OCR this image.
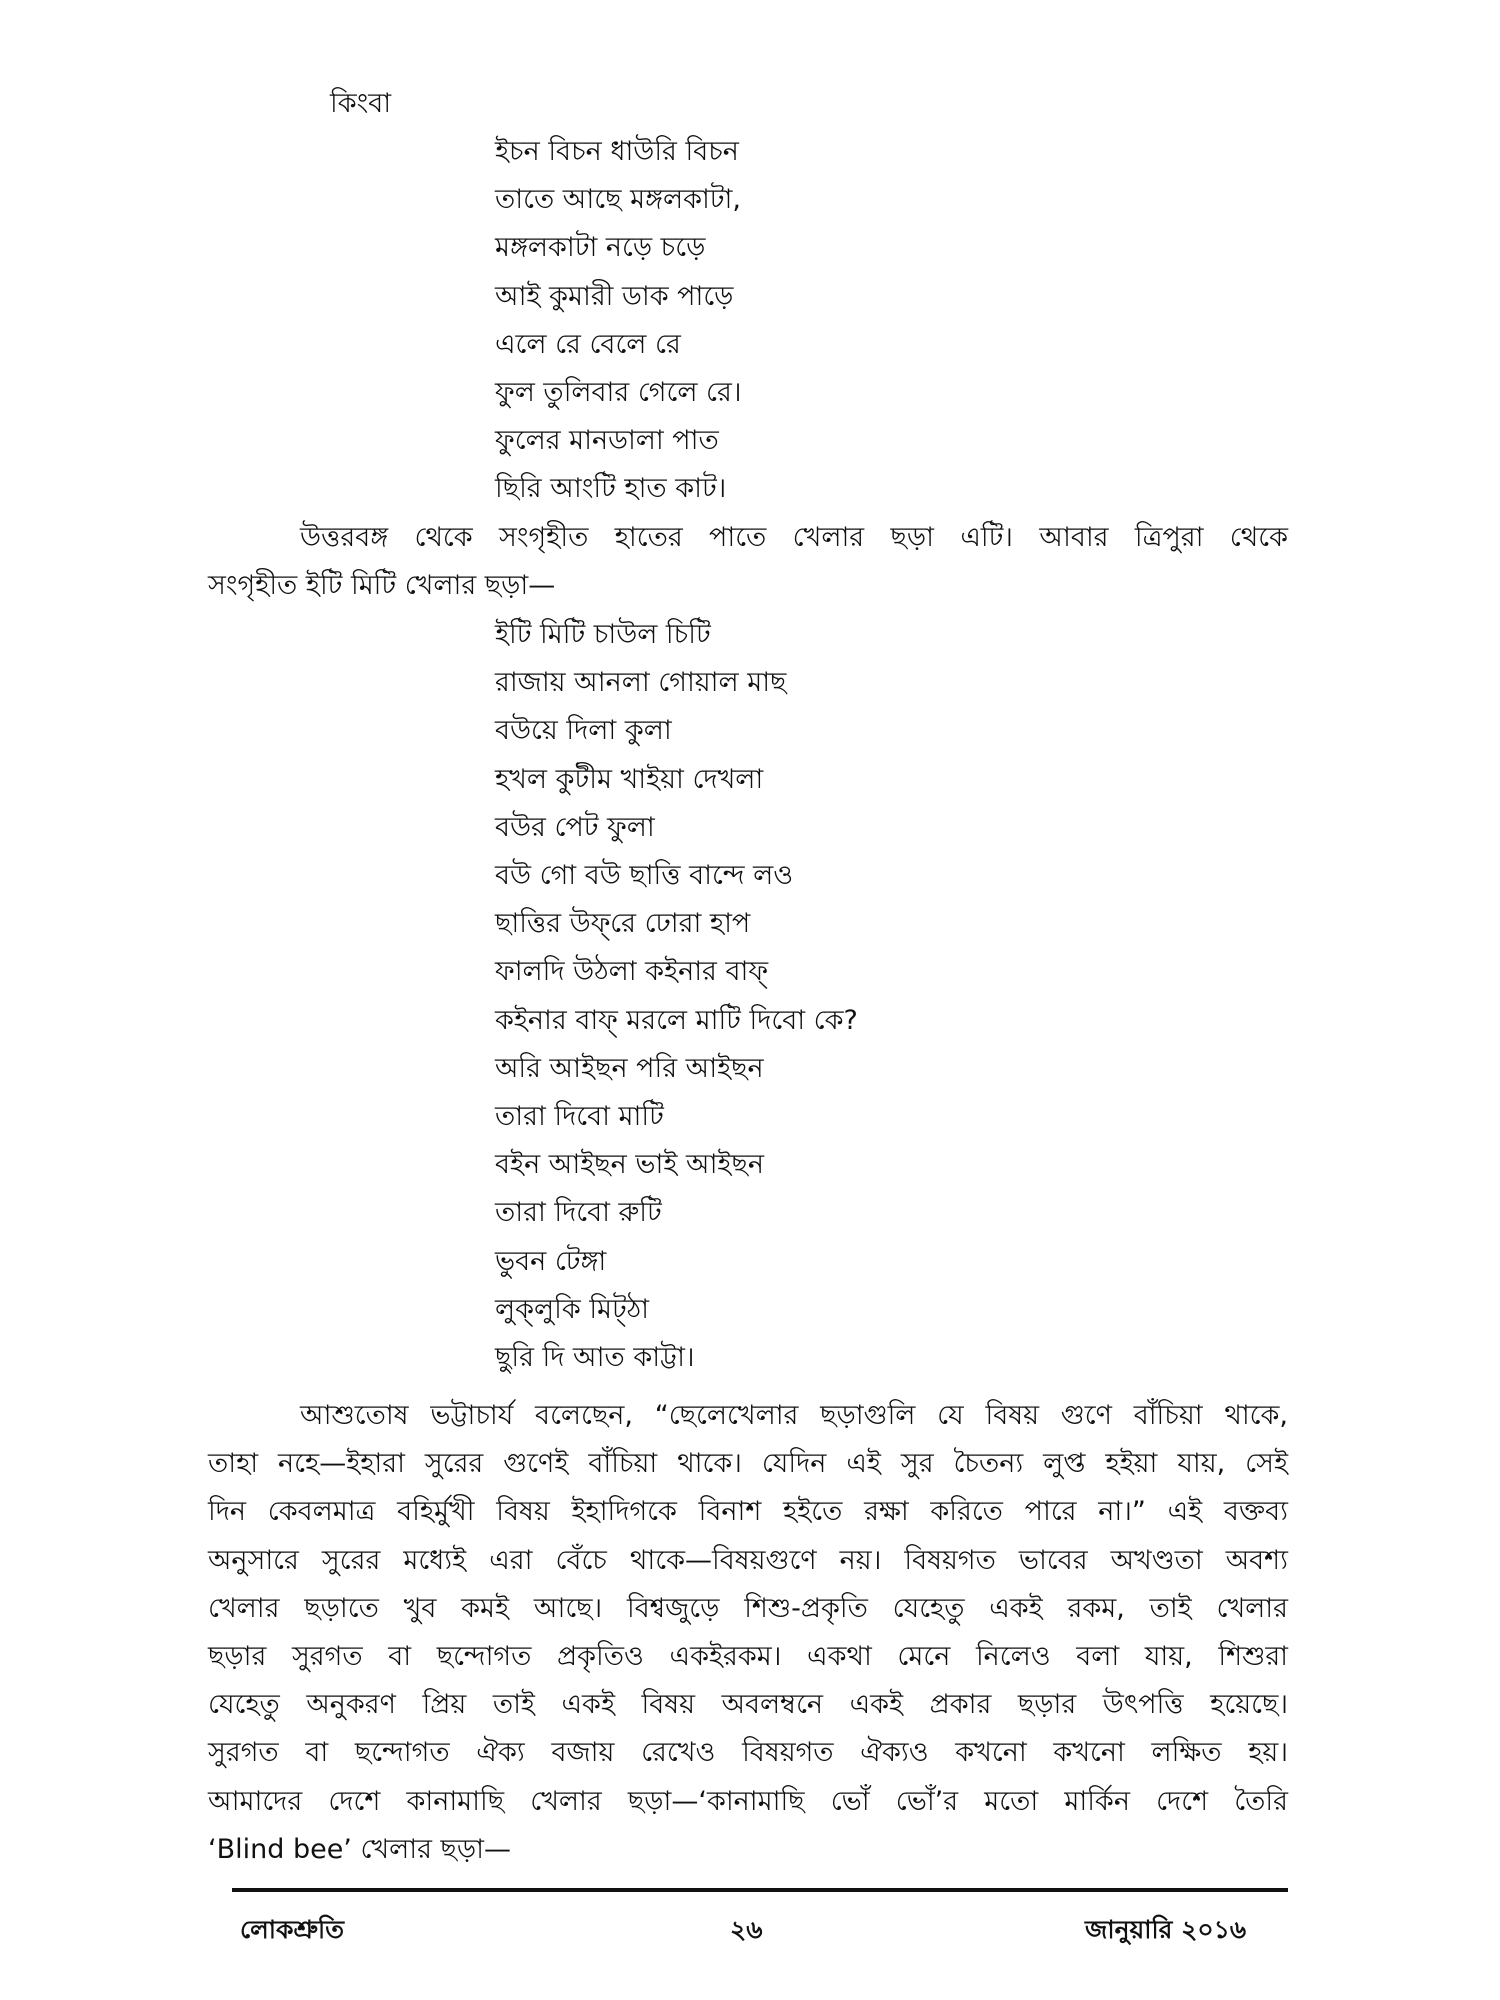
কিংবা
ইচন বিচন ধাউরি বিচন
তাতে আছে মঙ্গলকাটা,
মঙ্গলকাটা নড়ে চড়ে
আই কুমারী ডাক পাড়ে
এলে রে বেলে রে
ফুল তুলিবার গেলে রে।
ফুলের মানডালা পাত
ছিরি আংটি হাত কাট।
উত্তরবঙ্গ থেকে সংগৃহীত হাতের পাতে খেলার ছড়া এটি। আবার ত্রিপুরা থেকে
সংগৃহীত ইটি মিটি খেলার ছড়া—
ইটি মিটি চাউল চিটি
রাজায় আনলা গোয়াল মাছ
বউয়ে দিলা কুলা
হখল কুটীম খাইয়া দেখলা
বউর পেট ফুলা
বউ গো বউ ছাত্তি বান্দে লও
ছাত্তির উফ্‌রে ঢোরা হাপ
ফালদি উঠলা কইনার বাফ্‌
কইনার বাফ্‌ মরলে মাটি দিবো কে?
অরি আইছন পরি আইছন
তারা দিবো মাটি
বইন আইছন ভাই আইছন
তারা দিবো রুটি
ভুবন টেঙ্গা
লুক্‌লুকি মিট্‌ঠা
ছুরি দি আত কাট্টা।
আশুতোষ ভট্টাচার্য বলেছেন, “ছেলেখেলার ছড়াগুলি যে বিষয় গুণে বাঁচিয়া থাকে,
তাহা নহে—ইহারা সুরের গুণেই বাঁচিয়া থাকে। যেদিন এই সুর চৈতন্য লুপ্ত হইয়া যায়, সেই
দিন কেবলমাত্র বহির্মুখী বিষয় ইহাদিগকে বিনাশ হইতে রক্ষা করিতে পারে না।” এই বক্তব্য
অনুসারে সুরের মধ্যেই এরা বেঁচে থাকে—বিষয়গুণে নয়। বিষয়গত ভাবের অখণ্ডতা অবশ্য
খেলার ছড়াতে খুব কমই আছে। বিশ্বজুড়ে শিশু-প্রকৃতি যেহেতু একই রকম, তাই খেলার
ছড়ার সুরগত বা ছন্দোগত প্রকৃতিও একইরকম। একথা মেনে নিলেও বলা যায়, শিশুরা
যেহেতু অনুকরণ প্রিয় তাই একই বিষয় অবলম্বনে একই প্রকার ছড়ার উৎপত্তি হয়েছে।
সুরগত বা ছন্দোগত ঐক্য বজায় রেখেও বিষয়গত ঐক্যও কখনো কখনো লক্ষিত হয়।
আমাদের দেশে কানামাছি খেলার ছড়া—‘কানামাছি ভোঁ ভোঁ’র মতো মার্কিন দেশে তৈরি
‘Blind bee’ খেলার ছড়া—
লোকশ্রুতি	২৬	জানুয়ারি ২০১৬
